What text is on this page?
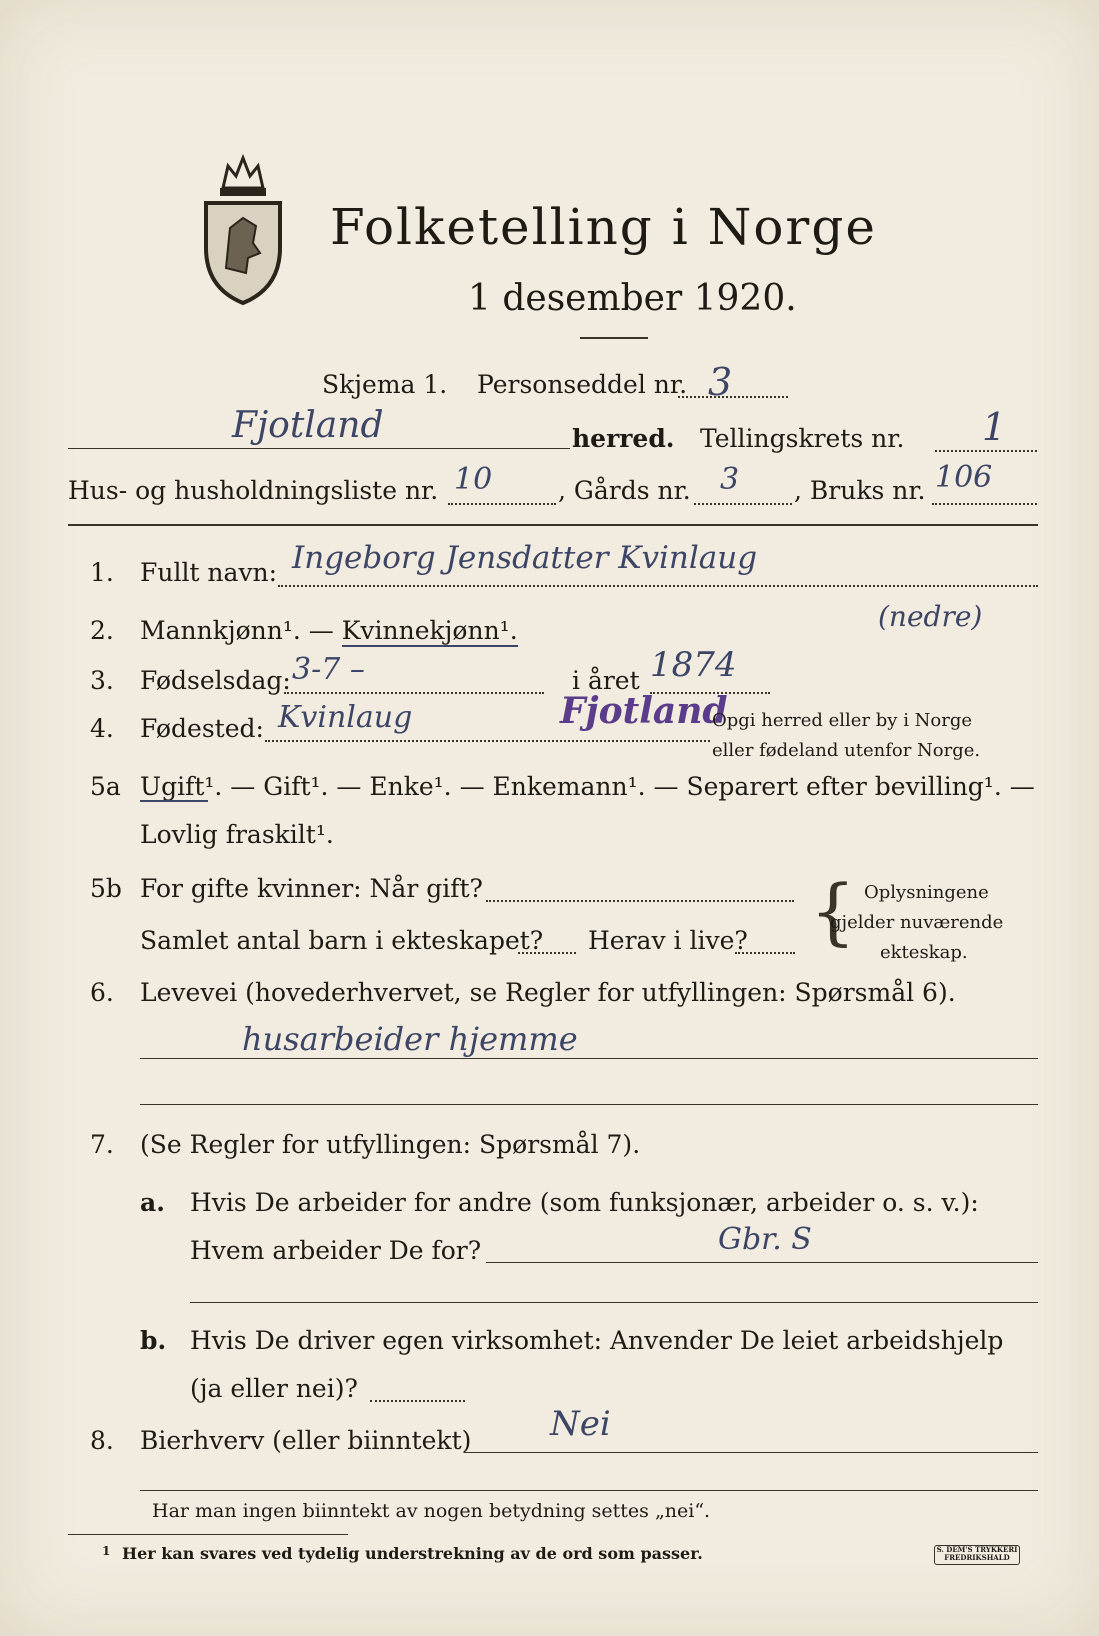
Folketelling i Norge
1 desember 1920.
Skjema 1. Personseddel nr. 3
Fjotland	herred. Tellingskrets nr. 1
Hus- og husholdningsliste nr. 10	, Gårds nr. 3 , Bruks nr. 106
1. Fullt navn: Ingeborg Jensdatter Kvinlaug
(nedre)
2. Mannkjønn¹. — Kvinnekjønn¹.
3. Fødselsdag: 3-7 –	i året 1874
4. Fødested: Kvinlaug	Fjotland
Opgi herred eller by i Norge
eller fødeland utenfor Norge.
5a Ugift¹. — Gift¹. — Enke¹. — Enkemann¹. — Separert efter bevilling¹. —
Lovlig fraskilt¹.
5b For gifte kvinner: Når gift?
Samlet antal barn i ekteskapet? Herav i live? { Oplysningene
gjelder nuværende
ekteskap.
6. Levevei (hovederhvervet, se Regler for utfyllingen: Spørsmål 6).
husarbeider hjemme
7. (Se Regler for utfyllingen: Spørsmål 7).
a. Hvis De arbeider for andre (som funksjonær, arbeider o. s. v.):
Hvem arbeider De for?	Gbr. S
b. Hvis De driver egen virksomhet: Anvender De leiet arbeidshjelp
(ja eller nei)?
8. Bierhverv (eller biinntekt) Nei
Har man ingen biinntekt av nogen betydning settes „nei“.
1 Her kan svares ved tydelig understrekning av de ord som passer.	S. DEM'S TRYKKERI
FREDRIKSHALD
